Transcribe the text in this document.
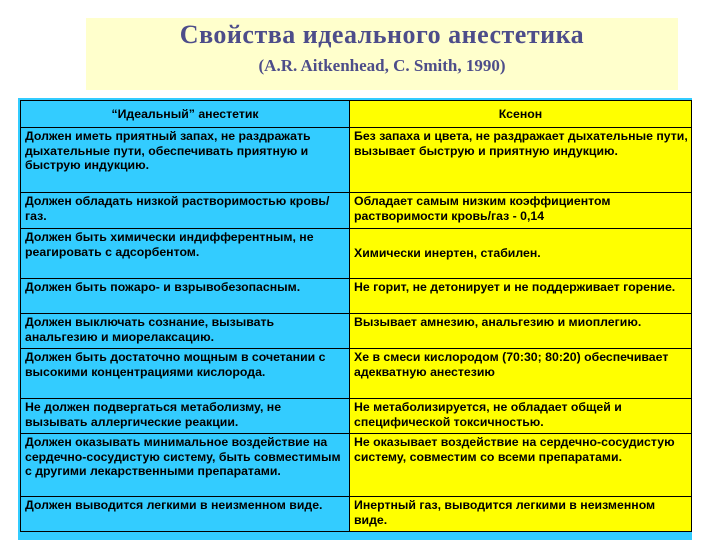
Свойства идеального анестетика
(A.R. Aitkenhead, C. Smith, 1990)
“Идеальный” анестетик	Ксенон
Должен иметь приятный запах, не раздражать дыхательные пути, обеспечивать приятную и быструю индукцию.	Без запаха и цвета, не раздражает дыхательные пути, вызывает быструю и приятную индукцию.
Должен обладать низкой растворимостью кровь/газ.	Обладает самым низким коэффициентом растворимости кровь/газ - 0,14
Должен быть химически индифферентным, не реагировать с адсорбентом.	Химически инертен, стабилен.
Должен быть пожаро- и взрывобезопасным.	Не горит, не детонирует и не поддерживает горение.
Должен выключать сознание, вызывать анальгезию и миорелаксацию.	Вызывает амнезию, анальгезию и миоплегию.
Должен быть достаточно мощным в сочетании с высокими концентрациями кислорода.	Хе в смеси кислородом (70:30; 80:20) обеспечивает адекватную анестезию
Не должен подвергаться метаболизму, не вызывать аллергические реакции.	Не метаболизируется, не обладает общей и специфической токсичностью.
Должен оказывать минимальное воздействие на сердечно-сосудистую систему, быть совместимым с другими лекарственными препаратами.	Не оказывает воздействие на сердечно-сосудистую систему, совместим со всеми препаратами.
Должен выводится легкими в неизменном виде.	Инертный газ, выводится легкими в неизменном виде.
